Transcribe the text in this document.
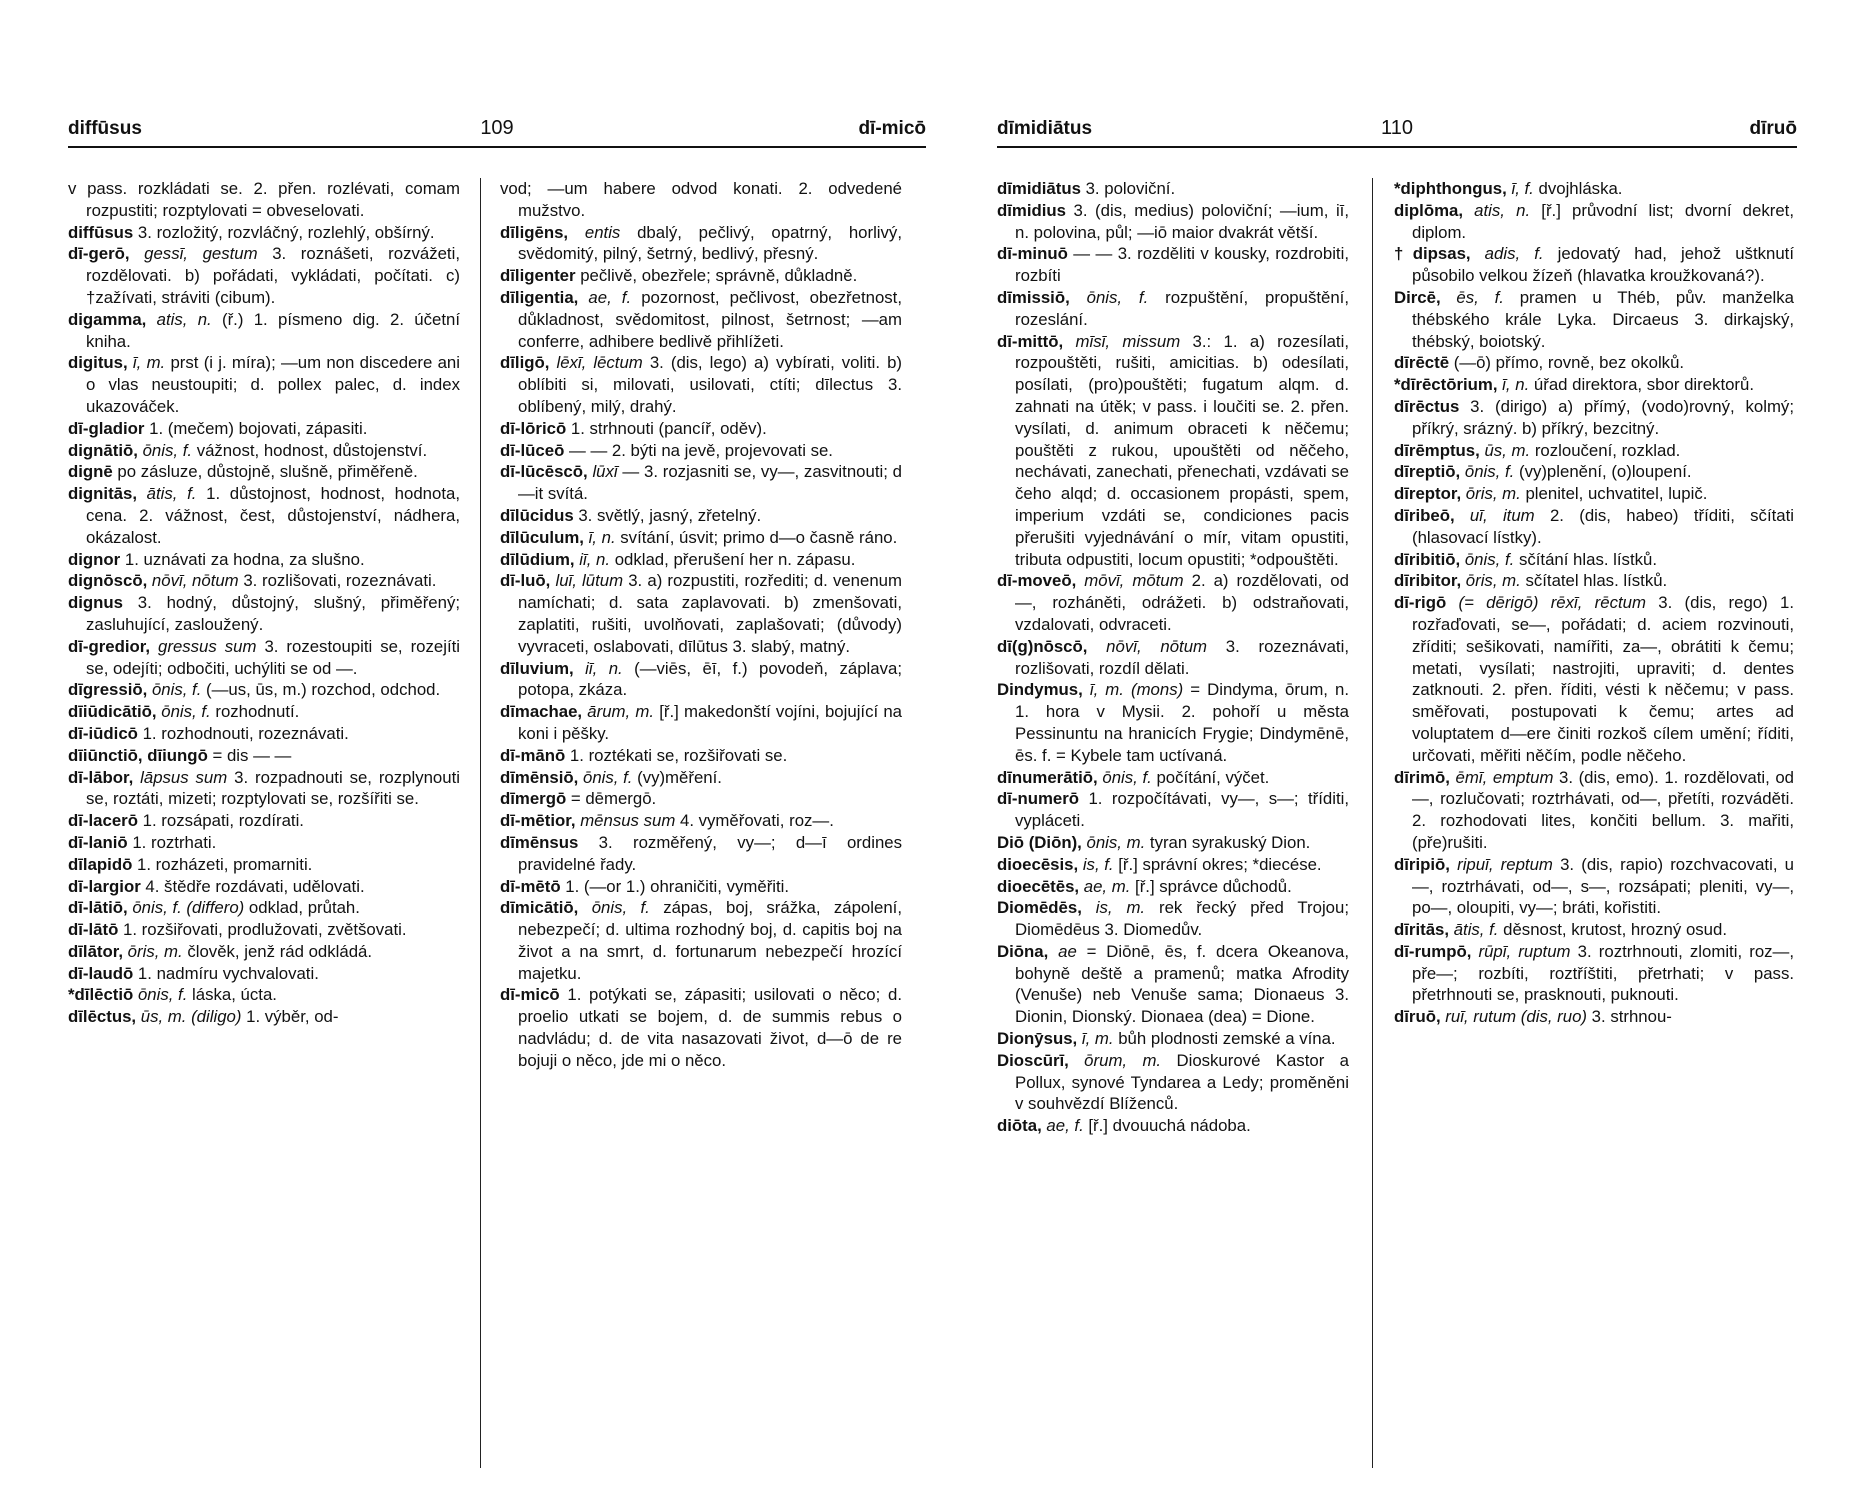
diffūsus	109	dī-micō

v pass. rozkládati se. 2. přen. rozlévati, comam rozpustiti; rozptylovati = obveselovati.

diffūsus 3. rozložitý, rozvláčný, rozlehlý, obšírný.

dī-gerō, gessī, gestum 3. roznášeti, rozvážeti, rozdělovati. b) pořádati, vykládati, počítati. c) †zažívati, stráviti (cibum).

digamma, atis, n. (ř.) 1. písmeno dig. 2. účetní kniha.

digitus, ī, m. prst (i j. míra); —um non discedere ani o vlas neustoupiti; d. pollex palec, d. index ukazováček.

dī-gladior 1. (mečem) bojovati, zápasiti.

dignātiō, ōnis, f. vážnost, hodnost, důstojenství.

dignē po zásluze, důstojně, slušně, přiměřeně.

dignitās, ātis, f. 1. důstojnost, hodnost, hodnota, cena. 2. vážnost, čest, důstojenství, nádhera, okázalost.

dignor 1. uznávati za hodna, za slušno.

dignōscō, nōvī, nōtum 3. rozlišovati, rozeznávati.

dignus 3. hodný, důstojný, slušný, přiměřený; zasluhující, zasloužený.

dī-gredior, gressus sum 3. rozestoupiti se, rozejíti se, odejíti; odbočiti, uchýliti se od —.

dīgressiō, ōnis, f. (—us, ūs, m.) rozchod, odchod.

dīiūdicātiō, ōnis, f. rozhodnutí.

dī-iūdicō 1. rozhodnouti, rozeznávati.

dīiūnctiō, dīiungō = dis — —

dī-lābor, lāpsus sum 3. rozpadnouti se, rozplynouti se, roztáti, mizeti; rozptylovati se, rozšířiti se.

dī-lacerō 1. rozsápati, rozdírati.

dī-laniō 1. roztrhati.

dīlapidō 1. rozházeti, promarniti.

dī-largior 4. štědře rozdávati, udělovati.

dī-lātiō, ōnis, f. (differo) odklad, průtah.

dī-lātō 1. rozšiřovati, prodlužovati, zvětšovati.

dīlātor, ōris, m. člověk, jenž rád odkládá.

dī-laudō 1. nadmíru vychvalovati.

*dīlēctiō ōnis, f. láska, úcta.

dīlēctus, ūs, m. (diligo) 1. výběr, od-

vod; —um habere odvod konati. 2. odvedené mužstvo.

dīligēns, entis dbalý, pečlivý, opatrný, horlivý, svědomitý, pilný, šetrný, bedlivý, přesný.

dīligenter pečlivě, obezřele; správně, důkladně.

dīligentia, ae, f. pozornost, pečlivost, obezřetnost, důkladnost, svědomitost, pilnost, šetrnost; —am conferre, adhibere bedlivě přihlížeti.

dīligō, lēxī, lēctum 3. (dis, lego) a) vybírati, voliti. b) oblíbiti si, milovati, usilovati, ctíti; dīlectus 3. oblíbený, milý, drahý.

dī-lōricō 1. strhnouti (pancíř, oděv).

dī-lūceō — — 2. býti na jevě, projevovati se.

dī-lūcēscō, lūxī — 3. rozjasniti se, vy—, zasvitnouti; d—it svítá.

dīlūcidus 3. světlý, jasný, zřetelný.

dīlūculum, ī, n. svítání, úsvit; primo d—o časně ráno.

dīlūdium, iī, n. odklad, přerušení her n. zápasu.

dī-luō, luī, lūtum 3. a) rozpustiti, rozřediti; d. venenum namíchati; d. sata zaplavovati. b) zmenšovati, zaplatiti, rušiti, uvolňovati, zaplašovati; (důvody) vyvraceti, oslabovati, dīlūtus 3. slabý, matný.

dīluvium, iī, n. (—viēs, ēī, f.) povodeň, záplava; potopa, zkáza.

dīmachae, ārum, m. [ř.] makedonští vojíni, bojující na koni i pěšky.

dī-mānō 1. roztékati se, rozšiřovati se.

dīmēnsiō, ōnis, f. (vy)měření.

dīmergō = dēmergō.

dī-mētior, mēnsus sum 4. vyměřovati, roz—.

dīmēnsus 3. rozměřený, vy—; d—ī ordines pravidelné řady.

dī-mētō 1. (—or 1.) ohraničiti, vyměřiti.

dīmicātiō, ōnis, f. zápas, boj, srážka, zápolení, nebezpečí; d. ultima rozhodný boj, d. capitis boj na život a na smrt, d. fortunarum nebezpečí hrozící majetku.

dī-micō 1. potýkati se, zápasiti; usilovati o něco; d. proelio utkati se bojem, d. de summis rebus o nadvládu; d. de vita nasazovati život, d—ō de re bojuji o něco, jde mi o něco.

dīmidiātus	110	dīruō

dīmidiātus 3. poloviční.

dīmidius 3. (dis, medius) poloviční; —ium, iī, n. polovina, půl; —iō maior dvakrát větší.

dī-minuō — — 3. rozděliti v kousky, rozdrobiti, rozbíti

dīmissiō, ōnis, f. rozpuštění, propuštění, rozeslání.

dī-mittō, mīsī, missum 3.: 1. a) rozesílati, rozpouštěti, rušiti, amicitias. b) odesílati, posílati, (pro)pouštěti; fugatum alqm. d. zahnati na útěk; v pass. i loučiti se. 2. přen. vysílati, d. animum obraceti k něčemu; pouštěti z rukou, upouštěti od něčeho, nechávati, zanechati, přenechati, vzdávati se čeho alqd; d. occasionem propásti, spem, imperium vzdáti se, condiciones pacis přerušiti vyjednávání o mír, vitam opustiti, tributa odpustiti, locum opustiti; *odpouštěti.

dī-moveō, mōvī, mōtum 2. a) rozdělovati, od—, rozháněti, odrážeti. b) odstraňovati, vzdalovati, odvraceti.

dī(g)nōscō, nōvī, nōtum 3. rozeznávati, rozlišovati, rozdíl dělati.

Dindymus, ī, m. (mons) = Dindyma, ōrum, n. 1. hora v Mysii. 2. pohoří u města Pessinuntu na hranicích Frygie; Dindymēnē, ēs. f. = Kybele tam uctívaná.

dīnumerātiō, ōnis, f. počítání, výčet.

dī-numerō 1. rozpočítávati, vy—, s—; tříditi, vypláceti.

Diō (Diōn), ōnis, m. tyran syrakuský Dion.

dioecēsis, is, f. [ř.] správní okres; *diecése.

dioecētēs, ae, m. [ř.] správce důchodů.

Diomēdēs, is, m. rek řecký před Trojou; Diomēdēus 3. Diomedův.

Diōna, ae = Diōnē, ēs, f. dcera Okeanova, bohyně deště a pramenů; matka Afrodity (Venuše) neb Venuše sama; Dionaeus 3. Dionin, Dionský. Dionaea (dea) = Dione.

Dionȳsus, ī, m. bůh plodnosti zemské a vína.

Dioscūrī, ōrum, m. Dioskurové Kastor a Pollux, synové Tyndarea a Ledy; proměněni v souhvězdí Blíženců.

diōta, ae, f. [ř.] dvouuchá nádoba.

*diphthongus, ī, f. dvojhláska.

diplōma, atis, n. [ř.] průvodní list; dvorní dekret, diplom.

†dipsas, adis, f. jedovatý had, jehož uštknutí působilo velkou žízeň (hlavatka kroužkovaná?).

Dircē, ēs, f. pramen u Théb, pův. manželka thébského krále Lyka. Dircaeus 3. dirkajský, thébský, boiotský.

dīrēctē (—ō) přímo, rovně, bez okolků.

*dīrēctōrium, ī, n. úřad direktora, sbor direktorů.

dīrēctus 3. (dirigo) a) přímý, (vodo)rovný, kolmý; příkrý, srázný. b) příkrý, bezcitný.

dīrēmptus, ūs, m. rozloučení, rozklad.

dīreptiō, ōnis, f. (vy)plenění, (o)loupení.

dīreptor, ōris, m. plenitel, uchvatitel, lupič.

dīribeō, uī, itum 2. (dis, habeo) tříditi, sčítati (hlasovací lístky).

dīribitiō, ōnis, f. sčítání hlas. lístků.

dīribitor, ōris, m. sčítatel hlas. lístků.

dī-rigō (= dērigō) rēxī, rēctum 3. (dis, rego) 1. rozřaďovati, se—, pořádati; d. aciem rozvinouti, zříditi; sešikovati, namířiti, za—, obrátiti k čemu; metati, vysílati; nastrojiti, upraviti; d. dentes zatknouti. 2. přen. říditi, vésti k něčemu; v pass. směřovati, postupovati k čemu; artes ad voluptatem d—ere činiti rozkoš cílem umění; říditi, určovati, měřiti něčím, podle něčeho.

dīrimō, ēmī, emptum 3. (dis, emo). 1. rozdělovati, od—, rozlučovati; roztrhávati, od—, přetíti, rozváděti. 2. rozhodovati lites, končiti bellum. 3. mařiti, (pře)rušiti.

dīripiō, ripuī, reptum 3. (dis, rapio) rozchvacovati, u—, roztrhávati, od—, s—, rozsápati; pleniti, vy—, po—, oloupiti, vy—; bráti, kořistiti.

dīritās, ātis, f. děsnost, krutost, hrozný osud.

dī-rumpō, rūpī, ruptum 3. roztrhnouti, zlomiti, roz—, pře—; rozbíti, roztříštiti, přetrhati; v pass. přetrhnouti se, prasknouti, puknouti.

dīruō, ruī, rutum (dis, ruo) 3. strhnou-
